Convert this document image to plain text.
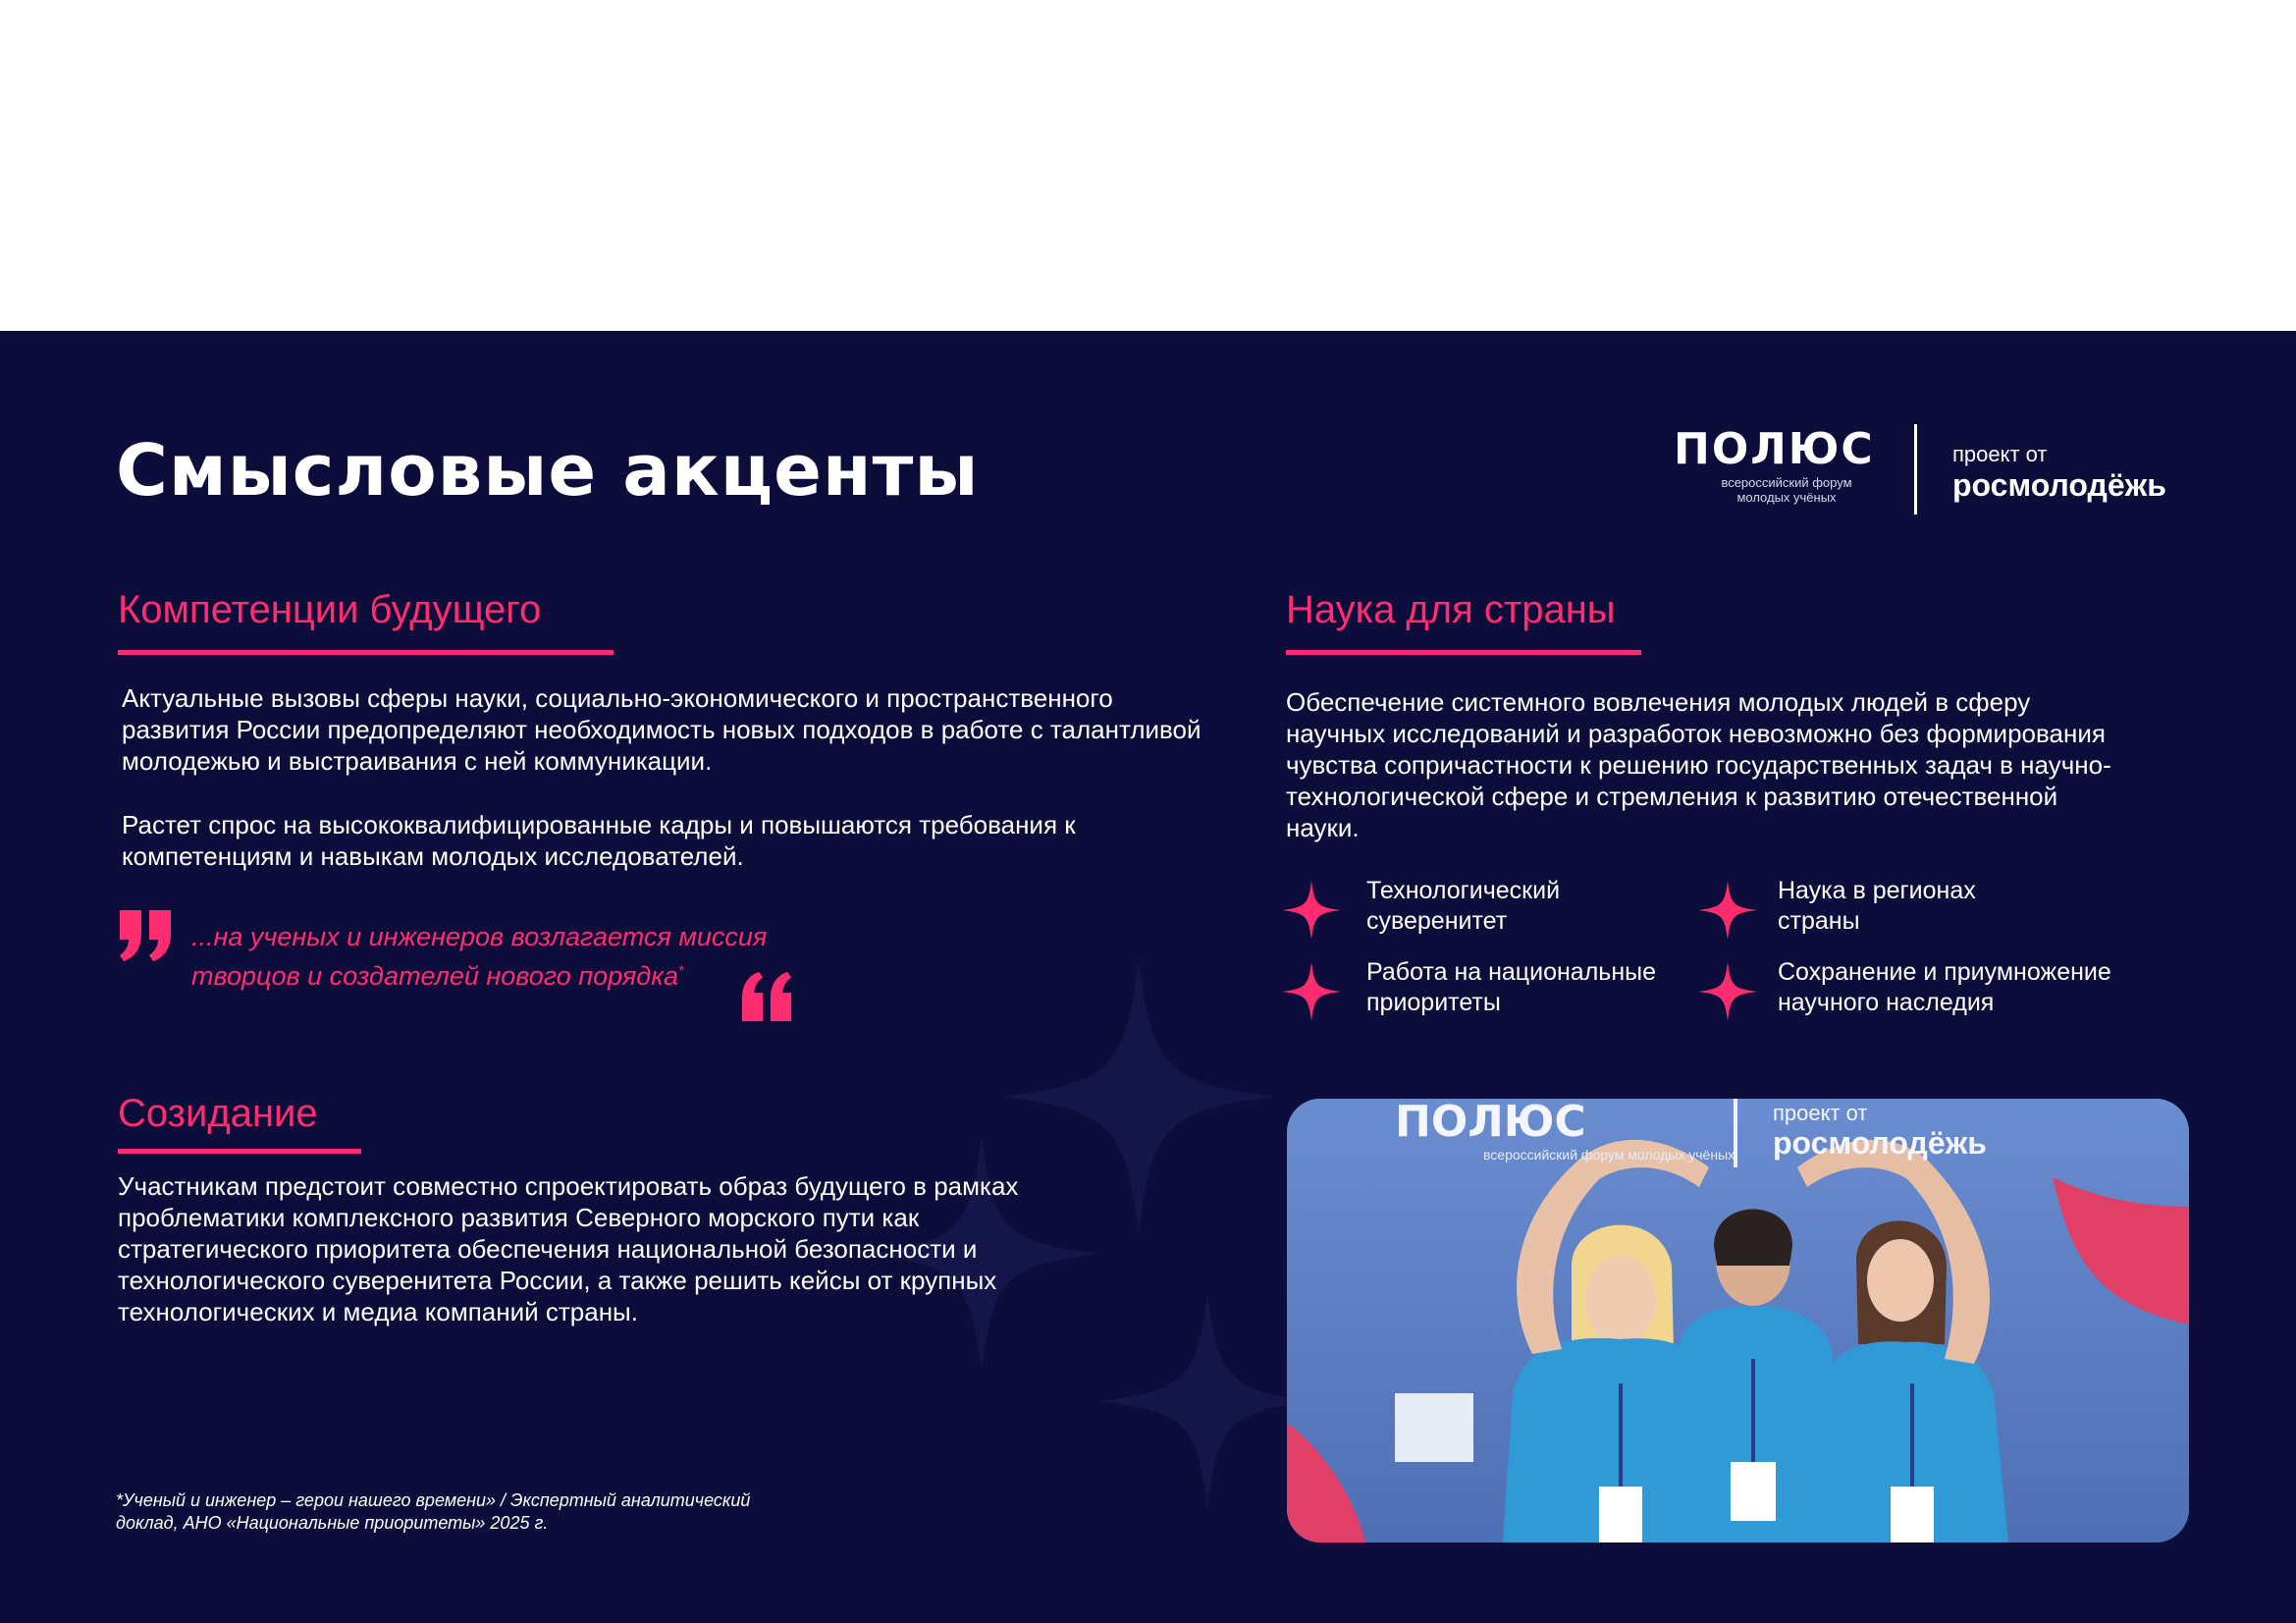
Смысловые акценты	ПОЛЮС
всероссийский форум молодых учёных
проект от
росмолодёжь
Компетенции будущего
Актуальные вызовы сферы науки, социально-экономического и пространственного развития России предопределяют необходимость новых подходов в работе с талантливой молодежью и выстраивания с ней коммуникации.
Растет спрос на высококвалифицированные кадры и повышаются требования к компетенциям и навыкам молодых исследователей.
...на ученых и инженеров возлагается миссия творцов и создателей нового порядка*
Наука для страны
Обеспечение системного вовлечения молодых людей в сферу научных исследований и разработок невозможно без формирования чувства сопричастности к решению государственных задач в научно-технологической сфере и стремления к развитию отечественной науки.
Технологический суверенитет
Наука в регионах страны
Работа на национальные приоритеты
Сохранение и приумножение научного наследия
Созидание
Участникам предстоит совместно спроектировать образ будущего в рамках проблематики комплексного развития Северного морского пути как стратегического приоритета обеспечения национальной безопасности и технологического суверенитета России, а также решить кейсы от крупных технологических и медиа компаний страны.
*Ученый и инженер – герои нашего времени» / Экспертный аналитический доклад, АНО «Национальные приоритеты» 2025 г.
ПОЛЮС
всероссийский форум молодых учёных
проект от
росмолодёжь
